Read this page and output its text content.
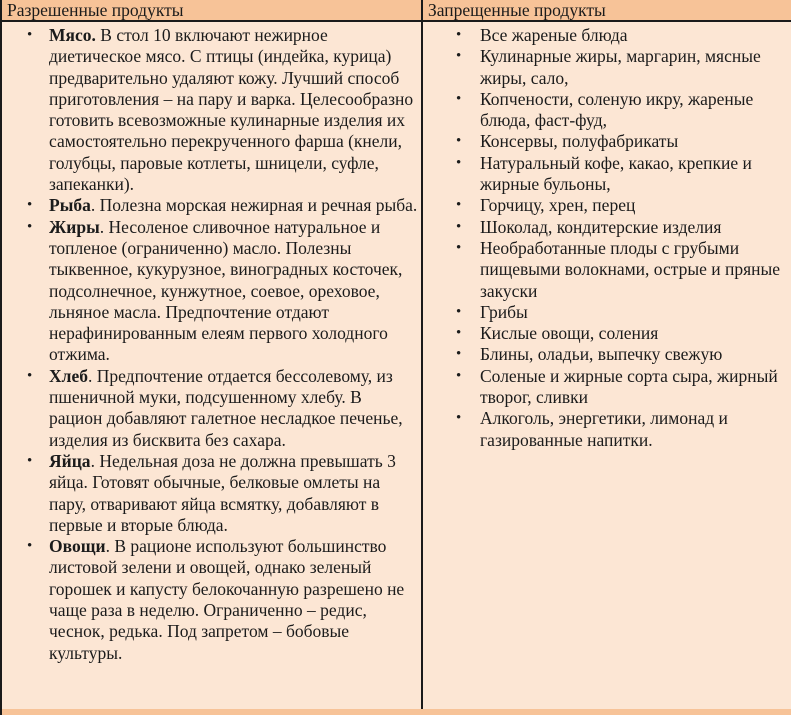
Разрешенные продукты
• Мясо. В стол 10 включают нежирное диетическое мясо. С птицы (индейка, курица) предварительно удаляют кожу. Лучший способ приготовления – на пару и варка. Целесообразно готовить всевозможные кулинарные изделия их самостоятельно перекрученного фарша (кнели, голубцы, паровые котлеты, шницели, суфле, запеканки).
• Рыба. Полезна морская нежирная и речная рыба.
• Жиры. Несоленое сливочное натуральное и топленое (ограниченно) масло. Полезны тыквенное, кукурузное, виноградных косточек, подсолнечное, кунжутное, соевое, ореховое, льняное масла. Предпочтение отдают нерафинированным елеям первого холодного отжима.
• Хлеб. Предпочтение отдается бессолевому, из пшеничной муки, подсушенному хлебу. В рацион добавляют галетное несладкое печенье, изделия из бисквита без сахара.
• Яйца. Недельная доза не должна превышать 3 яйца. Готовят обычные, белковые омлеты на пару, отваривают яйца всмятку, добавляют в первые и вторые блюда.
• Овощи. В рационе используют большинство листовой зелени и овощей, однако зеленый горошек и капусту белокочанную разрешено не чаще раза в неделю. Ограниченно – редис, чеснок, редька. Под запретом – бобовые культуры.
Запрещенные продукты
• Все жареные блюда
• Кулинарные жиры, маргарин, мясные жиры, сало,
• Копчености, соленую икру, жареные блюда, фаст-фуд,
• Консервы, полуфабрикаты
• Натуральный кофе, какао, крепкие и жирные бульоны,
• Горчицу, хрен, перец
• Шоколад, кондитерские изделия
• Необработанные плоды с грубыми пищевыми волокнами, острые и пряные закуски
• Грибы
• Кислые овощи, соления
• Блины, оладьи, выпечку свежую
• Соленые и жирные сорта сыра, жирный творог, сливки
• Алкоголь, энергетики, лимонад и газированные напитки.
